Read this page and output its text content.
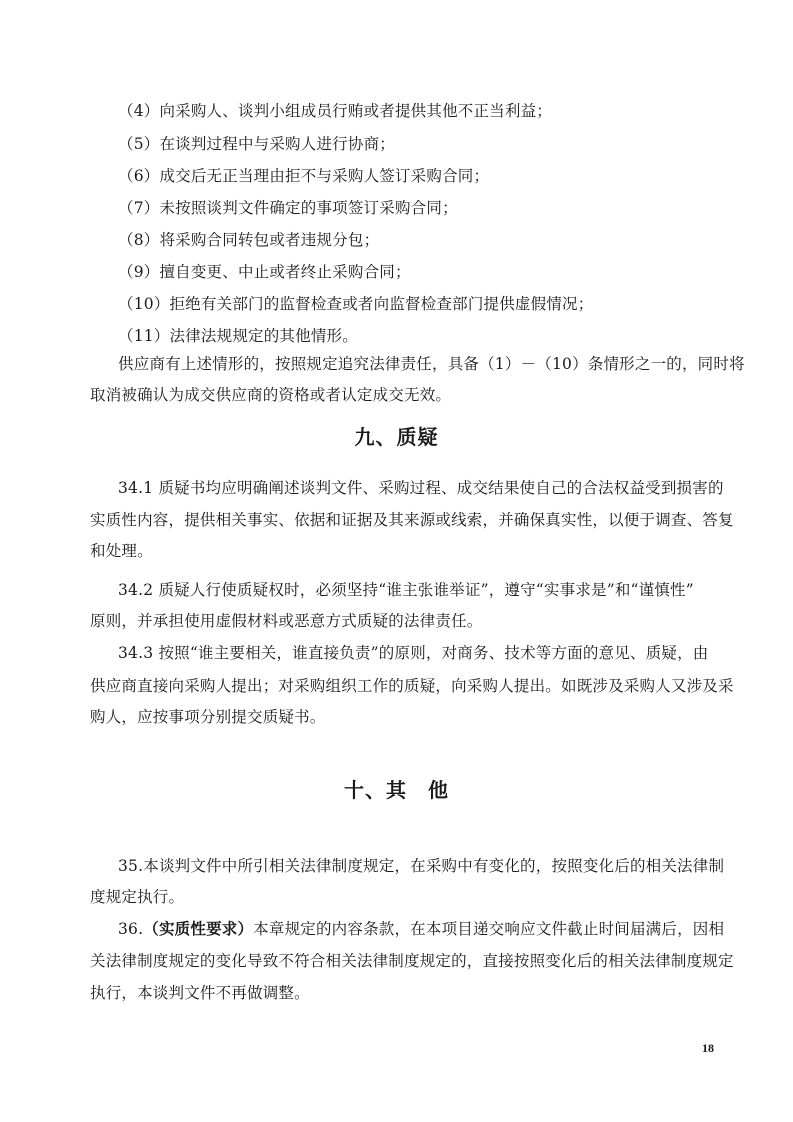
（4）向采购人、谈判小组成员行贿或者提供其他不正当利益；
（5）在谈判过程中与采购人进行协商；
（6）成交后无正当理由拒不与采购人签订采购合同；
（7）未按照谈判文件确定的事项签订采购合同；
（8）将采购合同转包或者违规分包；
（9）擅自变更、中止或者终止采购合同；
（10）拒绝有关部门的监督检查或者向监督检查部门提供虚假情况；
（11）法律法规规定的其他情形。
供应商有上述情形的，按照规定追究法律责任，具备（1）－（10）条情形之一的，同时将
取消被确认为成交供应商的资格或者认定成交无效。
九、质疑
34.1 质疑书均应明确阐述谈判文件、采购过程、成交结果使自己的合法权益受到损害的
实质性内容，提供相关事实、依据和证据及其来源或线索，并确保真实性，以便于调查、答复
和处理。
34.2 质疑人行使质疑权时，必须坚持“谁主张谁举证”，遵守“实事求是”和“谨慎性”
原则，并承担使用虚假材料或恶意方式质疑的法律责任。
34.3 按照“谁主要相关，谁直接负责”的原则，对商务、技术等方面的意见、质疑，由
供应商直接向采购人提出；对采购组织工作的质疑，向采购人提出。如既涉及采购人又涉及采
购人，应按事项分别提交质疑书。
十、其　他
35.本谈判文件中所引相关法律制度规定，在采购中有变化的，按照变化后的相关法律制
度规定执行。
36.（实质性要求）本章规定的内容条款，在本项目递交响应文件截止时间届满后，因相
关法律制度规定的变化导致不符合相关法律制度规定的，直接按照变化后的相关法律制度规定
执行，本谈判文件不再做调整。
18
